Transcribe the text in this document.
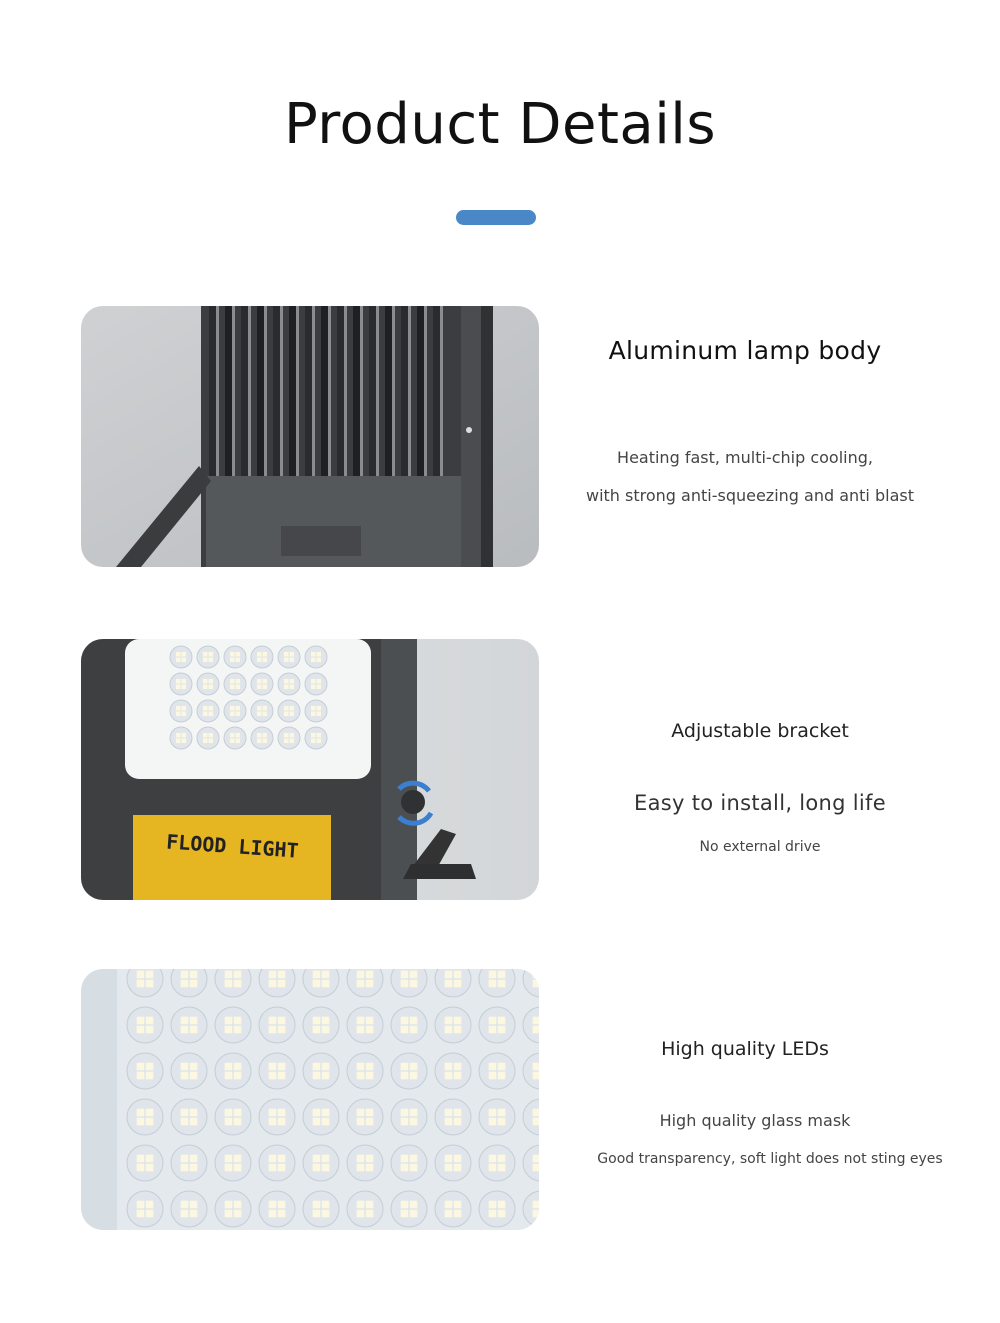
Product Details
Aluminum lamp body
Heating fast, multi-chip cooling,
with strong anti-squeezing and anti blast
FLOOD LIGHT
Adjustable bracket
Easy to install, long life
No external drive
High quality LEDs
High quality glass mask
Good transparency, soft light does not sting eyes
